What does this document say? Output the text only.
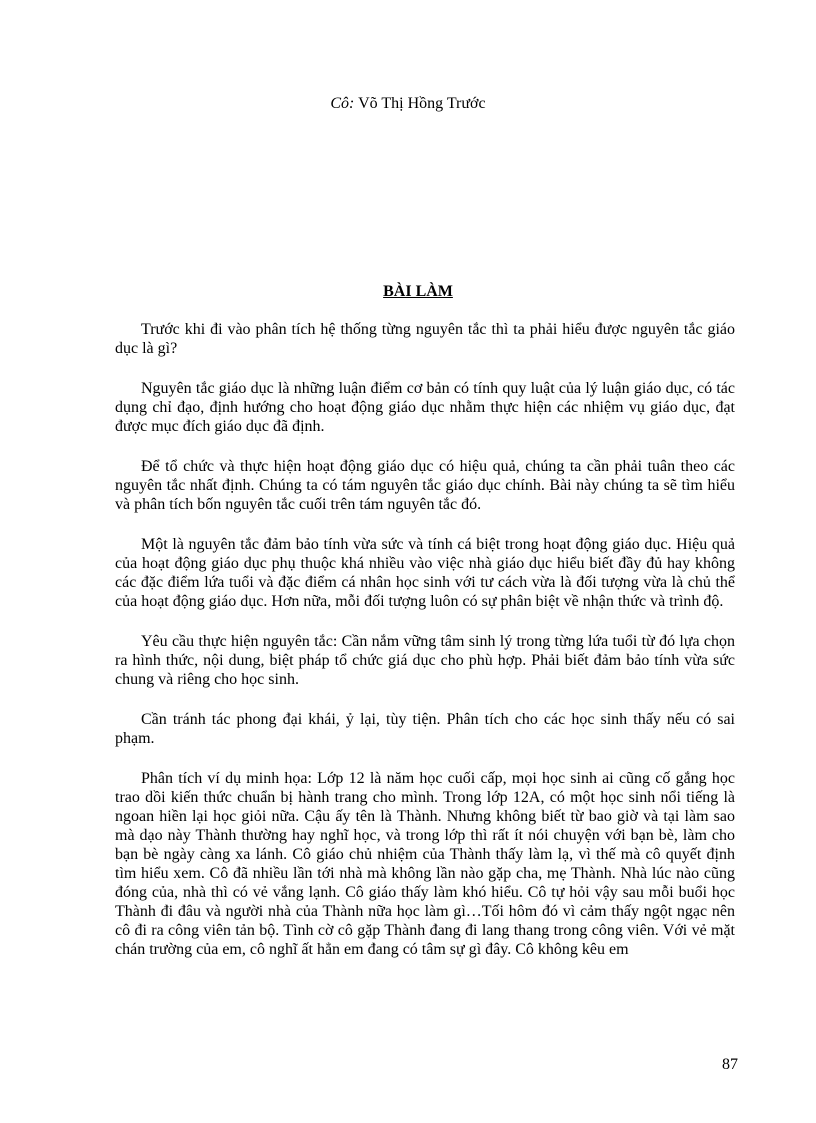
Cô: Võ Thị Hồng Trước
BÀI LÀM

Trước khi đi vào phân tích hệ thống từng nguyên tắc thì ta phải hiểu được nguyên tắc giáo dục là gì?

Nguyên tắc giáo dục là những luận điểm cơ bản có tính quy luật của lý luận giáo dục, có tác dụng chỉ đạo, định hướng cho hoạt động giáo dục nhằm thực hiện các nhiệm vụ giáo dục, đạt được mục đích giáo dục đã định.

Để tổ chức và thực hiện hoạt động giáo dục có hiệu quả, chúng ta cần phải tuân theo các nguyên tắc nhất định. Chúng ta có tám nguyên tắc giáo dục chính. Bài này chúng ta sẽ tìm hiểu và phân tích bốn nguyên tắc cuối trên tám nguyên tắc đó.

Một là nguyên tắc đảm bảo tính vừa sức và tính cá biệt trong hoạt động giáo dục. Hiệu quả của hoạt động giáo dục phụ thuộc khá nhiều vào việc nhà giáo dục hiểu biết đầy đủ hay không các đặc điểm lứa tuổi và đặc điểm cá nhân học sinh với tư cách vừa là đối tượng vừa là chủ thể của hoạt động giáo dục. Hơn nữa, mỗi đối tượng luôn có sự phân biệt về nhận thức và trình độ.

Yêu cầu thực hiện nguyên tắc: Cần nắm vững tâm sinh lý trong từng lứa tuổi từ đó lựa chọn ra hình thức, nội dung, biệt pháp tổ chức giá dục cho phù hợp. Phải biết đảm bảo tính vừa sức chung và riêng cho học sinh.

Cần tránh tác phong đại khái, ỷ lại, tùy tiện. Phân tích cho các học sinh thấy nếu có sai phạm.

Phân tích ví dụ minh họa: Lớp 12 là năm học cuối cấp, mọi học sinh ai cũng cố gắng học trao dồi kiến thức chuẩn bị hành trang cho mình. Trong lớp 12A, có một học sinh nổi tiếng là ngoan hiền lại học giỏi nữa. Cậu ấy tên là Thành. Nhưng không biết từ bao giờ và tại làm sao mà dạo này Thành thường hay nghĩ học, và trong lớp thì rất ít nói chuyện với bạn bè, làm cho bạn bè ngày càng xa lánh. Cô giáo chủ nhiệm của Thành thấy làm lạ, vì thế mà cô quyết định tìm hiểu xem. Cô đã nhiều lần tới nhà mà không lần nào gặp cha, mẹ Thành. Nhà lúc nào cũng đóng của, nhà thì có vẻ vắng lạnh. Cô giáo thấy làm khó hiểu. Cô tự hỏi vậy sau mỗi buổi học Thành đi đâu và người nhà của Thành nữa học làm gì…Tối hôm đó vì cảm thấy ngột ngạc nên cô đi ra công viên tản bộ. Tình cờ cô gặp Thành đang đi lang thang trong công viên. Với vẻ mặt chán trường của em, cô nghĩ ất hẳn em đang có tâm sự gì đây. Cô không kêu em

87
